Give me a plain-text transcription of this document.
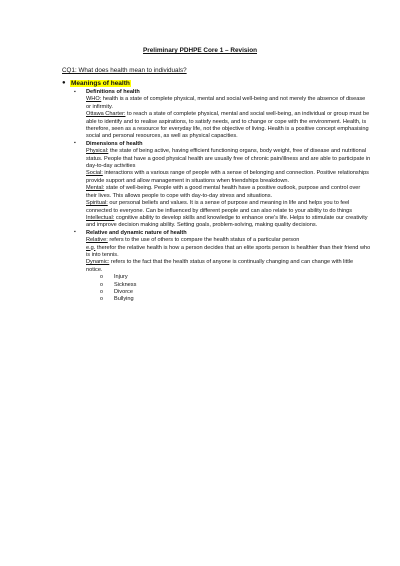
Preliminary PDHPE Core 1 – Revision
CQ1: What does health mean to individuals?
● Meanings of health
▪ Definitions of health
WHO: health is a state of complete physical, mental and social well-being and not merely the absence of disease or infirmity.
Ottawa Charter: to reach a state of complete physical, mental and social well-being, an individual or group must be able to identify and to realise aspirations, to satisfy needs, and to change or cope with the environment. Health, is therefore, seen as a resource for everyday life, not the objective of living. Health is a positive concept emphasising social and personal resources, as well as physical capacities.
▪ Dimensions of health
Physical: the state of being active, having efficient functioning organs, body weight, free of disease and nutritional status. People that have a good physical health are usually free of chronic pain/illness and are able to participate in day-to-day activities
Social: interactions with a various range of people with a sense of belonging and connection. Positive relationships provide support and allow management in situations when friendships breakdown.
Mental: state of well-being. People with a good mental health have a positive outlook, purpose and control over their lives. This allows people to cope with day-to-day stress and situations.
Spiritual: our personal beliefs and values. It is a sense of purpose and meaning in life and helps you to feel connected to everyone. Can be influenced by different people and can also relate to your ability to do things
Intellectual: cognitive ability to develop skills and knowledge to enhance one's life. Helps to stimulate our creativity and improve decision making ability. Setting goals, problem-solving, making quality decisions.
▪ Relative and dynamic nature of health
Relative: refers to the use of others to compare the health status of a particular person
e.g. therefor the relative health is how a person decides that an elite sports person is healthier than their friend who is into tennis.
Dynamic: refers to the fact that the health status of anyone is continually changing and can change with little notice.
o Injury
o Sickness
o Divorce
o Bullying
